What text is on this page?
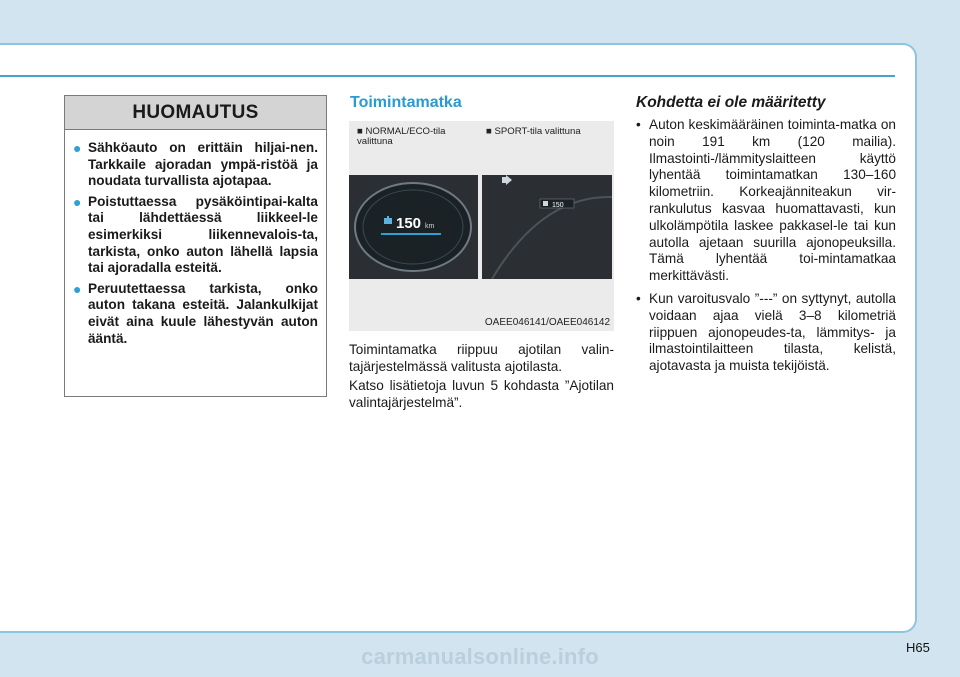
HUOMAUTUS
● Sähköauto on erittäin hiljai-nen. Tarkkaile ajoradan ympä-ristöä ja noudata turvallista ajotapaa.
● Poistuttaessa pysäköintipai-kalta tai lähdettäessä liikkeel-le esimerkiksi liikennevalois-ta, tarkista, onko auton lähellä lapsia tai ajoradalla esteitä.
● Peruutettaessa tarkista, onko auton takana esteitä. Jalankulkijat eivät aina kuule lähestyvän auton ääntä.
Toimintamatka
■ NORMAL/ECO-tila valittuna
■ SPORT-tila valittuna
150 km
150
OAEE046141/OAEE046142
Toimintamatka riippuu ajotilan valin-tajärjestelmässä valitusta ajotilasta.
Katso lisätietoja luvun 5 kohdasta ”Ajotilan valintajärjestelmä”.
Kohdetta ei ole määritetty
• Auton keskimääräinen toiminta-matka on noin 191 km (120 mailia). Ilmastointi-/lämmityslaitteen käyttö lyhentää toimintamatkan 130–160 kilometriin. Korkeajänniteakun vir-rankulutus kasvaa huomattavasti, kun ulkolämpötila laskee pakkasel-le tai kun autolla ajetaan suurilla ajonopeuksilla. Tämä lyhentää toi-mintamatkaa merkittävästi.
• Kun varoitusvalo ”---” on syttynyt, autolla voidaan ajaa vielä 3–8 kilometriä riippuen ajonopeudes-ta, lämmitys- ja ilmastointilaitteen tilasta, kelistä, ajotavasta ja muista tekijöistä.
H65
carmanualsonline.info
